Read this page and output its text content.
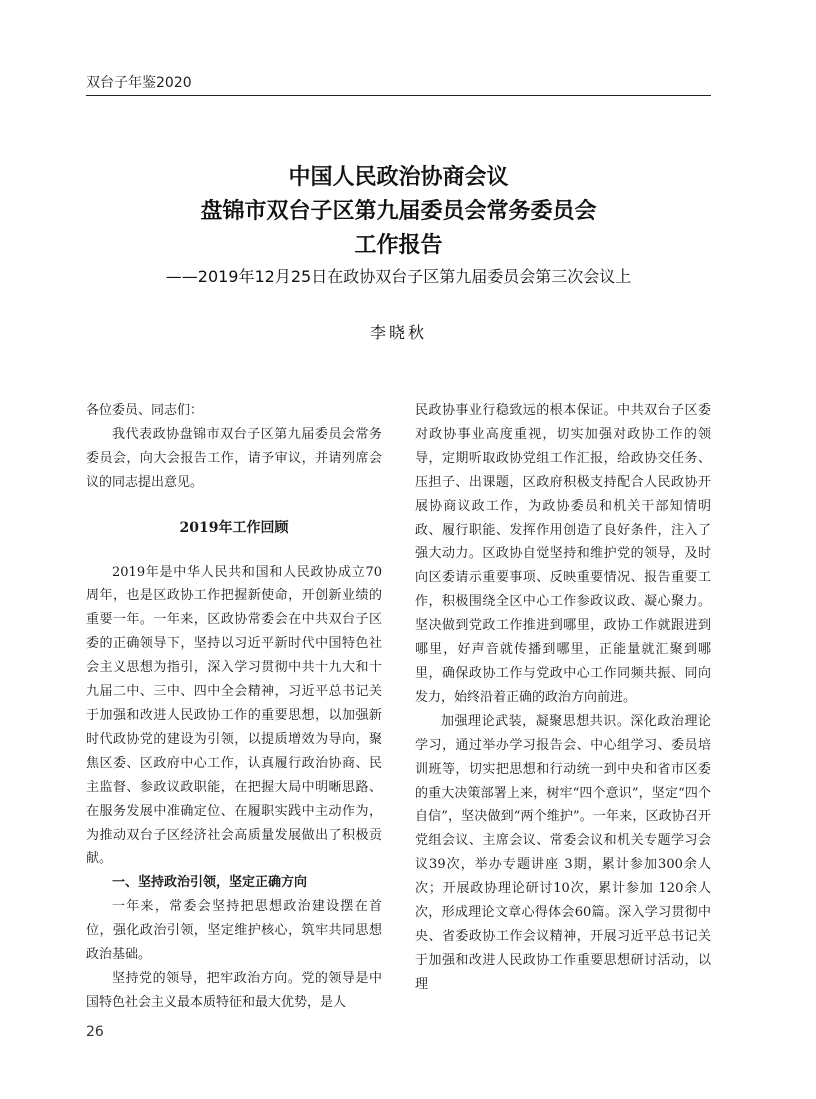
双台子年鉴2020
中国人民政治协商会议
盘锦市双台子区第九届委员会常务委员会
工作报告
——2019年12月25日在政协双台子区第九届委员会第三次会议上
李晓秋

各位委员、同志们：

我代表政协盘锦市双台子区第九届委员会常务委员会，向大会报告工作，请予审议，并请列席会议的同志提出意见。

2019年工作回顾

2019年是中华人民共和国和人民政协成立70周年，也是区政协工作把握新使命，开创新业绩的重要一年。一年来，区政协常委会在中共双台子区委的正确领导下，坚持以习近平新时代中国特色社会主义思想为指引，深入学习贯彻中共十九大和十九届二中、三中、四中全会精神，习近平总书记关于加强和改进人民政协工作的重要思想，以加强新时代政协党的建设为引领，以提质增效为导向，聚焦区委、区政府中心工作，认真履行政治协商、民主监督、参政议政职能，在把握大局中明晰思路、在服务发展中准确定位、在履职实践中主动作为，为推动双台子区经济社会高质量发展做出了积极贡献。

一、坚持政治引领，坚定正确方向

一年来，常委会坚持把思想政治建设摆在首位，强化政治引领，坚定维护核心，筑牢共同思想政治基础。

坚持党的领导，把牢政治方向。党的领导是中国特色社会主义最本质特征和最大优势，是人

民政协事业行稳致远的根本保证。中共双台子区委对政协事业高度重视，切实加强对政协工作的领导，定期听取政协党组工作汇报，给政协交任务、压担子、出课题，区政府积极支持配合人民政协开展协商议政工作，为政协委员和机关干部知情明政、履行职能、发挥作用创造了良好条件，注入了强大动力。区政协自觉坚持和维护党的领导，及时向区委请示重要事项、反映重要情况、报告重要工作，积极围绕全区中心工作参政议政、凝心聚力。坚决做到党政工作推进到哪里，政协工作就跟进到哪里，好声音就传播到哪里，正能量就汇聚到哪里，确保政协工作与党政中心工作同频共振、同向发力，始终沿着正确的政治方向前进。

加强理论武装，凝聚思想共识。深化政治理论学习，通过举办学习报告会、中心组学习、委员培训班等，切实把思想和行动统一到中央和省市区委的重大决策部署上来，树牢“四个意识”，坚定“四个自信”，坚决做到“两个维护”。一年来，区政协召开党组会议、主席会议、常委会议和机关专题学习会议39次，举办专题讲座 3期，累计参加300余人次；开展政协理论研讨10次，累计参加 120余人次，形成理论文章心得体会60篇。深入学习贯彻中央、省委政协工作会议精神，开展习近平总书记关于加强和改进人民政协工作重要思想研讨活动，以理

26
